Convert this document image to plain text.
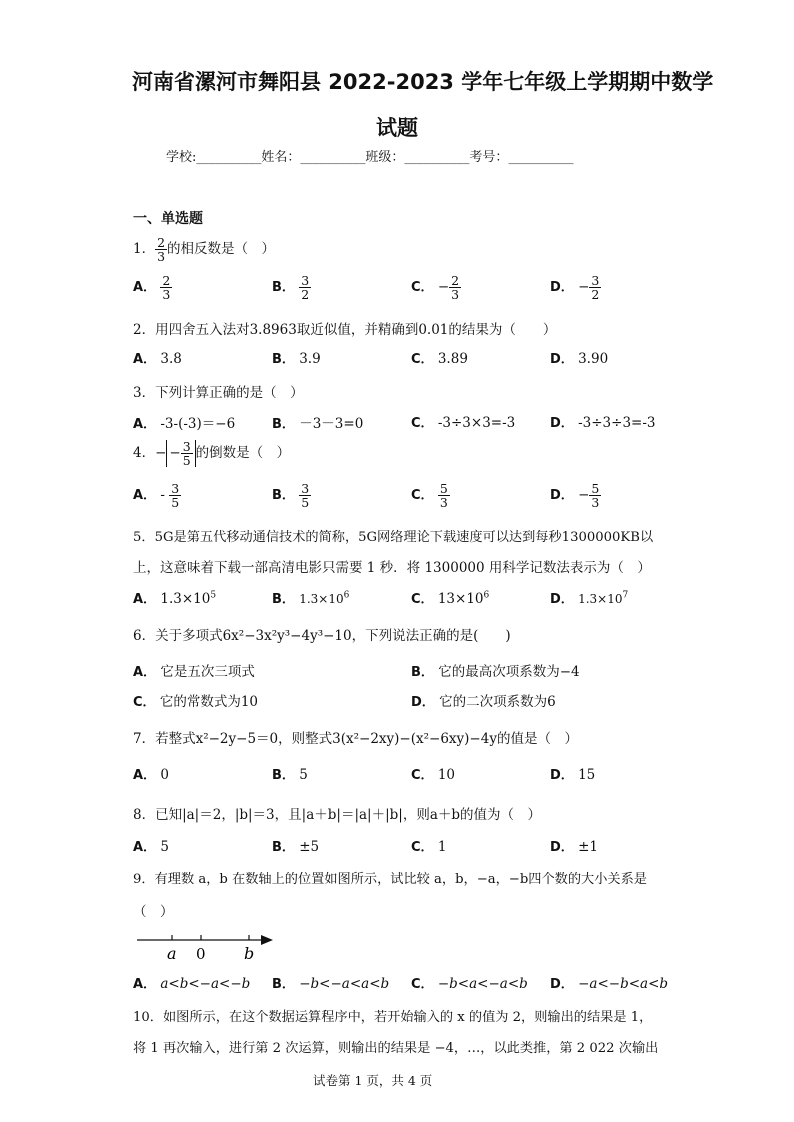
河南省漯河市舞阳县 2022-2023 学年七年级上学期期中数学
试题
学校:__________姓名：__________班级：__________考号：__________
一、单选题
1． $\frac{2}{3}$ 的相反数是（　）
A． $\frac{2}{3}$	B． $\frac{3}{2}$	C． − $\frac{2}{3}$	D． − $\frac{3}{2}$
2．用四舍五入法对3.8963取近似值，并精确到0.01的结果为（　　）
A． 3.8	B． 3.9	C． 3.89	D． 3.90
3．下列计算正确的是（　）
A． -3-(-3)＝−6	B． －3－3=0	C． -3÷3×3=-3	D． -3÷3÷3=-3
4．− − $\frac{3}{5}$ 的倒数是（　）
A． - $\frac{3}{5}$	B． $\frac{3}{5}$	C． $\frac{5}{3}$	D． − $\frac{5}{3}$
5．5G是第五代移动通信技术的简称，5G网络理论下载速度可以达到每秒1300000KB以
上，这意味着下载一部高清电影只需要 1 秒．将 1300000 用科学记数法表示为（　）
A． $1.3\times 10^5$	B． $1.3\times 10^6$	C． $13\times 10^6$	D． $1.3\times 10^7$
6．关于多项式6x²−3x²y³−4y³−10，下列说法正确的是(　　)
A． 它是五次三项式	B． 它的最高次项系数为−4
C． 它的常数式为10	D． 它的二次项系数为6
7．若整式x²−2y−5＝0，则整式3(x²−2xy)−(x²−6xy)−4y的值是（　）
A． 0	B． 5	C． 10	D． 15
8．已知|a|＝2，|b|＝3，且|a＋b|＝|a|＋|b|，则a＋b的值为（　）
A． 5	B． ±5	C． 1	D． ±1
9．有理数 a，b 在数轴上的位置如图所示，试比较 a，b，−a，−b四个数的大小关系是
（　）
a 0 b
A． a<b<−a<−b B． −b<−a<a<b C． −b<a<−a<b D． −a<−b<a<b
10．如图所示，在这个数据运算程序中，若开始输入的 x 的值为 2，则输出的结果是 1，
将 1 再次输入，进行第 2 次运算，则输出的结果是 −4，…，以此类推，第 2 022 次输出
试卷第 1 页，共 4 页
